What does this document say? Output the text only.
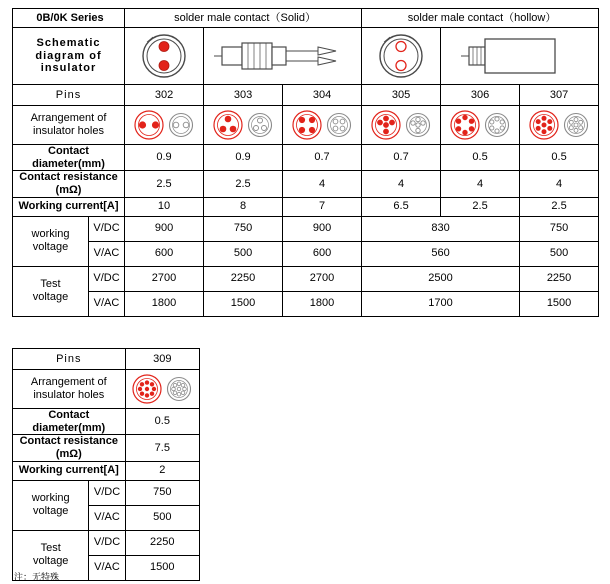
0B/0K Series		solder male contact（Solid）			solder male contact（hollow）		

Schematic
diagram of
insulator

Pins		302	303	304	305	306	307

Arrangement of
insulator holes

Contact diameter(mm)		0.9	0.9	0.7	0.7	0.5	0.5
Contact resistance (mΩ)		2.5	2.5	4	4	4	4
Working current[A]		10	8	7	6.5	2.5	2.5

working
voltage	V/DC	900	750	900	830		750
	V/AC	600	500	600	560		500

Test
voltage	V/DC	2700	2250	2700	2500		2250
	V/AC	1800	1500	1800	1700		1500
Pins		309

Arrangement of
insulator holes

Contact diameter(mm)		0.5
Contact resistance (mΩ)		7.5
Working current[A]		2

working
voltage	V/DC	750
	V/AC	500

Test
voltage	V/DC	2250
	V/AC	1500
注：无特殊
